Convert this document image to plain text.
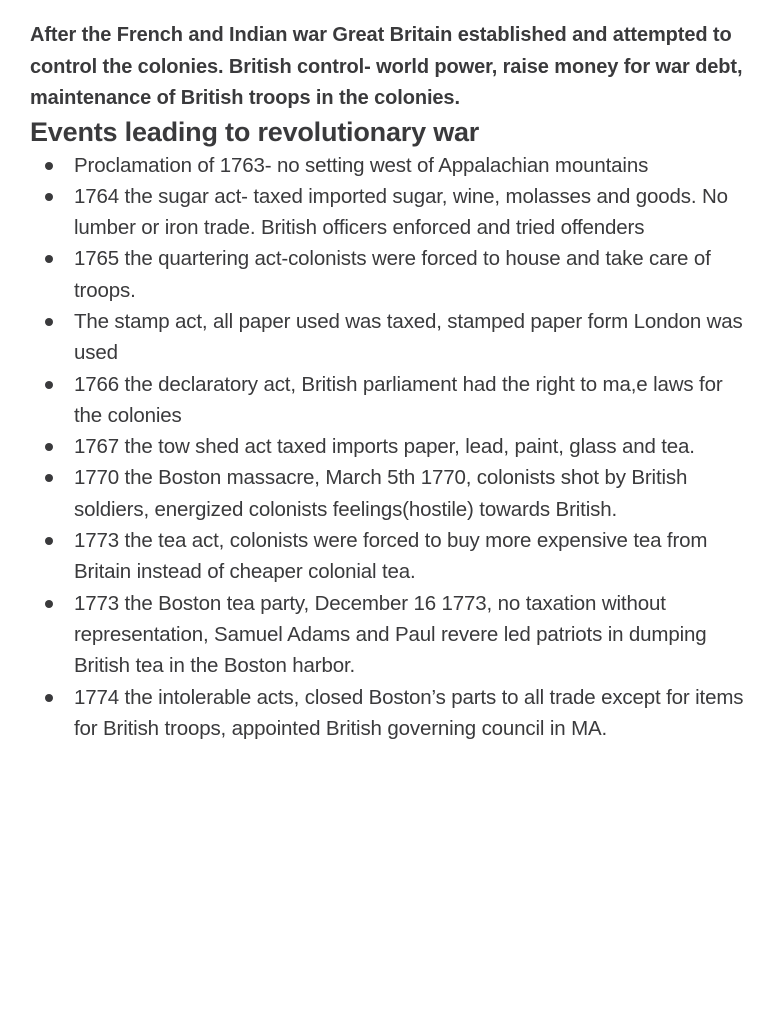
After the French and Indian war Great Britain established and attempted to control the colonies. British control- world power, raise money for war debt, maintenance of British troops in the colonies.

Events leading to revolutionary war
Proclamation of 1763- no setting west of Appalachian mountains
1764 the sugar act- taxed imported sugar, wine, molasses and goods. No lumber or iron trade. British officers enforced and tried offenders
1765 the quartering act-colonists were forced to house and take care of troops.
The stamp act, all paper used was taxed, stamped paper form London was used
1766 the declaratory act, British parliament had the right to ma,e laws for the colonies
1767 the tow shed act taxed imports paper, lead, paint, glass and tea.
1770 the Boston massacre, March 5th 1770, colonists shot by British soldiers, energized colonists feelings(hostile) towards British.
1773 the tea act, colonists were forced to buy more expensive tea from Britain instead of cheaper colonial tea.
1773 the Boston tea party, December 16 1773, no taxation without representation, Samuel Adams and Paul revere led patriots in dumping British tea in the Boston harbor.
1774 the intolerable acts, closed Boston’s parts to all trade except for items for British troops, appointed British governing council in MA.
